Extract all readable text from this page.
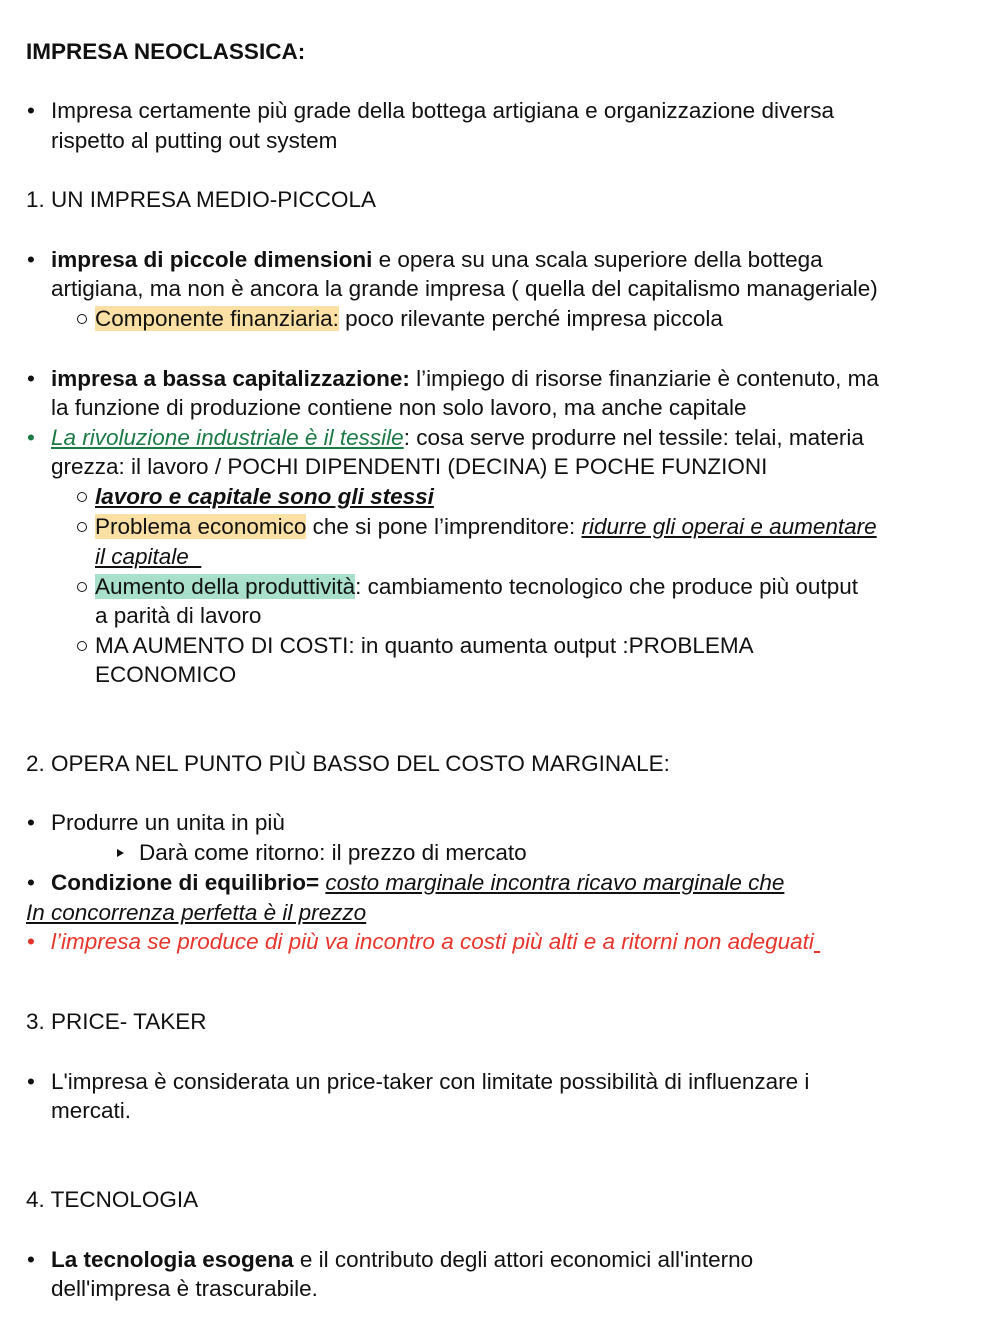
IMPRESA NEOCLASSICA:
• Impresa certamente più grade della bottega artigiana e organizzazione diversa
rispetto al putting out system
1. UN IMPRESA MEDIO-PICCOLA
• impresa di piccole dimensioni e opera su una scala superiore della bottega
artigiana, ma non è ancora la grande impresa ( quella del capitalismo manageriale)
Componente finanziaria: poco rilevante perché impresa piccola
• impresa a bassa capitalizzazione: l’impiego di risorse finanziarie è contenuto, ma
la funzione di produzione contiene non solo lavoro, ma anche capitale
• La rivoluzione industriale è il tessile: cosa serve produrre nel tessile: telai, materia
grezza: il lavoro / POCHI DIPENDENTI (DECINA) E POCHE FUNZIONI
lavoro e capitale sono gli stessi
Problema economico che si pone l’imprenditore: ridurre gli operai e aumentare
il capitale
Aumento della produttività: cambiamento tecnologico che produce più output
a parità di lavoro
MA AUMENTO DI COSTI: in quanto aumenta output :PROBLEMA
ECONOMICO
2. OPERA NEL PUNTO PIÙ BASSO DEL COSTO MARGINALE:
• Produrre un unita in più
Darà come ritorno: il prezzo di mercato
• Condizione di equilibrio= costo marginale incontra ricavo marginale che
In concorrenza perfetta è il prezzo
• l’impresa se produce di più va incontro a costi più alti e a ritorni non adeguati
3. PRICE- TAKER
• L'impresa è considerata un price-taker con limitate possibilità di influenzare i
mercati.
4. TECNOLOGIA
• La tecnologia esogena e il contributo degli attori economici all'interno
dell'impresa è trascurabile.
